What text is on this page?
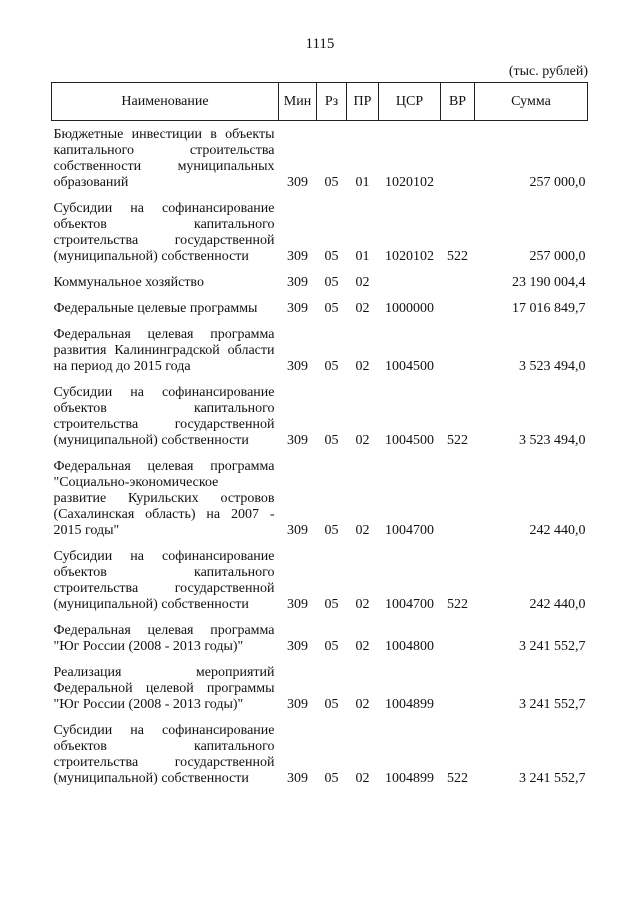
1115
(тыс. рублей)
Наименование	Мин	Рз	ПР	ЦСР	ВР	Сумма
Бюджетные инвестиции в объекты капитального строительства собственности муниципальных образований	309	05	01	1020102		257 000,0
Субсидии на софинансирование объектов капитального строительства государственной (муниципальной) собственности	309	05	01	1020102	522	257 000,0
Коммунальное хозяйство	309	05	02			23 190 004,4
Федеральные целевые программы	309	05	02	1000000		17 016 849,7
Федеральная целевая программа развития Калининградской области на период до 2015 года	309	05	02	1004500		3 523 494,0
Субсидии на софинансирование объектов капитального строительства государственной (муниципальной) собственности	309	05	02	1004500	522	3 523 494,0
Федеральная целевая программа "Социально-экономическое развитие Курильских островов (Сахалинская область) на 2007 - 2015 годы"	309	05	02	1004700		242 440,0
Субсидии на софинансирование объектов капитального строительства государственной (муниципальной) собственности	309	05	02	1004700	522	242 440,0
Федеральная целевая программа "Юг России (2008 - 2013 годы)"	309	05	02	1004800		3 241 552,7
Реализация мероприятий Федеральной целевой программы "Юг России (2008 - 2013 годы)"	309	05	02	1004899		3 241 552,7
Субсидии на софинансирование объектов капитального строительства государственной (муниципальной) собственности	309	05	02	1004899	522	3 241 552,7
